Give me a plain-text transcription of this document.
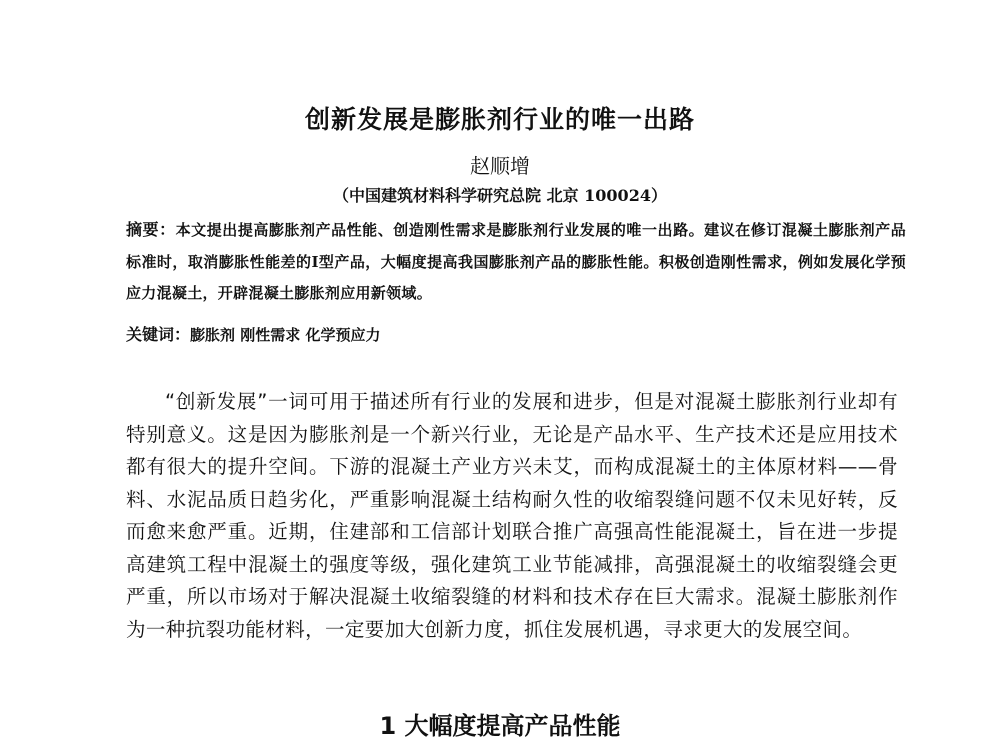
创新发展是膨胀剂行业的唯一出路
赵顺增
（中国建筑材料科学研究总院 北京 100024）
摘要：本文提出提高膨胀剂产品性能、创造刚性需求是膨胀剂行业发展的唯一出路。建议在修订混凝土膨胀剂产品标准时，取消膨胀性能差的Ⅰ型产品，大幅度提高我国膨胀剂产品的膨胀性能。积极创造刚性需求，例如发展化学预应力混凝土，开辟混凝土膨胀剂应用新领域。
关键词：膨胀剂 刚性需求 化学预应力

“创新发展”一词可用于描述所有行业的发展和进步，但是对混凝土膨胀剂行业却有特别意义。这是因为膨胀剂是一个新兴行业，无论是产品水平、生产技术还是应用技术都有很大的提升空间。下游的混凝土产业方兴未艾，而构成混凝土的主体原材料——骨料、水泥品质日趋劣化，严重影响混凝土结构耐久性的收缩裂缝问题不仅未见好转，反而愈来愈严重。近期，住建部和工信部计划联合推广高强高性能混凝土，旨在进一步提高建筑工程中混凝土的强度等级，强化建筑工业节能减排，高强混凝土的收缩裂缝会更严重，所以市场对于解决混凝土收缩裂缝的材料和技术存在巨大需求。混凝土膨胀剂作为一种抗裂功能材料，一定要加大创新力度，抓住发展机遇，寻求更大的发展空间。

1 大幅度提高产品性能
